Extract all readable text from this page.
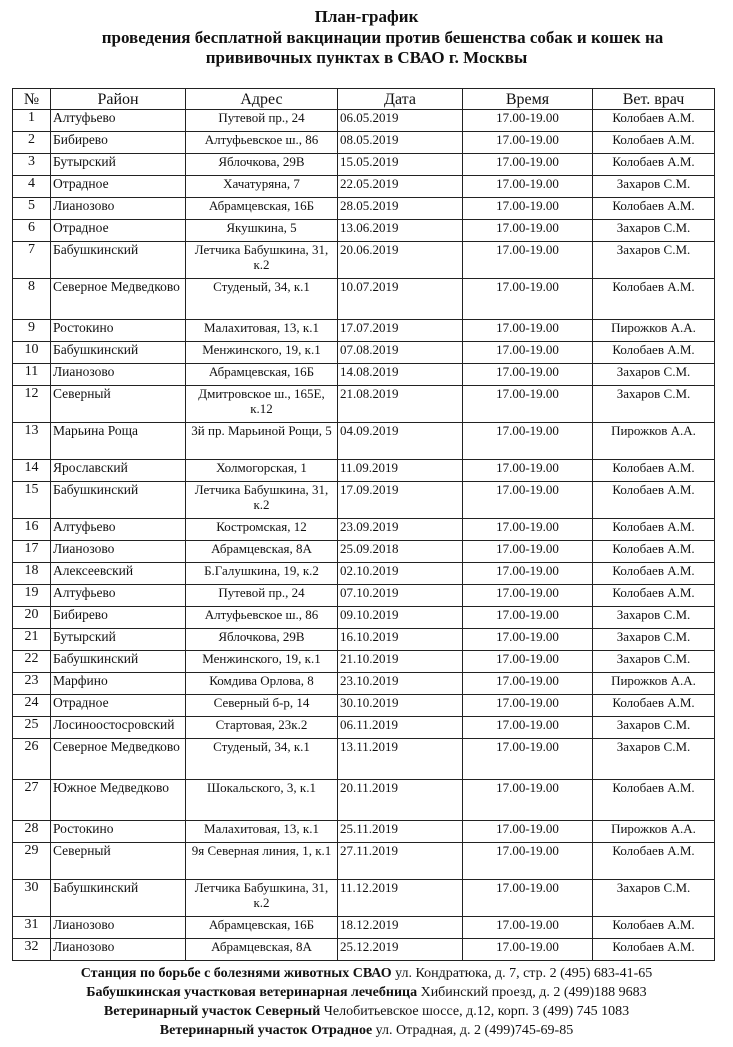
План-график
проведения бесплатной вакцинации против бешенства собак и кошек на
прививочных пунктах в СВАО г. Москвы
№	Район	Адрес	Дата	Время	Вет. врач
1	Алтуфьево	Путевой пр., 24	06.05.2019	17.00-19.00	Колобаев А.М.
2	Бибирево	Алтуфьевское ш., 86	08.05.2019	17.00-19.00	Колобаев А.М.
3	Бутырский	Яблочкова, 29В	15.05.2019	17.00-19.00	Колобаев А.М.
4	Отрадное	Хачатуряна, 7	22.05.2019	17.00-19.00	Захаров С.М.
5	Лианозово	Абрамцевская, 16Б	28.05.2019	17.00-19.00	Колобаев А.М.
6	Отрадное	Якушкина, 5	13.06.2019	17.00-19.00	Захаров С.М.
7	Бабушкинский	Летчика Бабушкина, 31, к.2	20.06.2019	17.00-19.00	Захаров С.М.
8	Северное Медведково	Студеный, 34, к.1	10.07.2019	17.00-19.00	Колобаев А.М.
9	Ростокино	Малахитовая, 13, к.1	17.07.2019	17.00-19.00	Пирожков А.А.
10	Бабушкинский	Менжинского, 19, к.1	07.08.2019	17.00-19.00	Колобаев А.М.
11	Лианозово	Абрамцевская, 16Б	14.08.2019	17.00-19.00	Захаров С.М.
12	Северный	Дмитровское ш., 165Е, к.12	21.08.2019	17.00-19.00	Захаров С.М.
13	Марьина Роща	3й пр. Марьиной Рощи, 5	04.09.2019	17.00-19.00	Пирожков А.А.
14	Ярославский	Холмогорская, 1	11.09.2019	17.00-19.00	Колобаев А.М.
15	Бабушкинский	Летчика Бабушкина, 31, к.2	17.09.2019	17.00-19.00	Колобаев А.М.
16	Алтуфьево	Костромская, 12	23.09.2019	17.00-19.00	Колобаев А.М.
17	Лианозово	Абрамцевская, 8А	25.09.2018	17.00-19.00	Колобаев А.М.
18	Алексеевский	Б.Галушкина, 19, к.2	02.10.2019	17.00-19.00	Колобаев А.М.
19	Алтуфьево	Путевой пр., 24	07.10.2019	17.00-19.00	Колобаев А.М.
20	Бибирево	Алтуфьевское ш., 86	09.10.2019	17.00-19.00	Захаров С.М.
21	Бутырский	Яблочкова, 29В	16.10.2019	17.00-19.00	Захаров С.М.
22	Бабушкинский	Менжинского, 19, к.1	21.10.2019	17.00-19.00	Захаров С.М.
23	Марфино	Комдива Орлова, 8	23.10.2019	17.00-19.00	Пирожков А.А.
24	Отрадное	Северный б-р, 14	30.10.2019	17.00-19.00	Колобаев А.М.
25	Лосиноостоcровский	Стартовая, 23к.2	06.11.2019	17.00-19.00	Захаров С.М.
26	Северное Медведково	Студеный, 34, к.1	13.11.2019	17.00-19.00	Захаров С.М.
27	Южное Медведково	Шокальского, 3, к.1	20.11.2019	17.00-19.00	Колобаев А.М.
28	Ростокино	Малахитовая, 13, к.1	25.11.2019	17.00-19.00	Пирожков А.А.
29	Северный	9я Северная линия, 1, к.1	27.11.2019	17.00-19.00	Колобаев А.М.
30	Бабушкинский	Летчика Бабушкина, 31, к.2	11.12.2019	17.00-19.00	Захаров С.М.
31	Лианозово	Абрамцевская, 16Б	18.12.2019	17.00-19.00	Колобаев А.М.
32	Лианозово	Абрамцевская, 8А	25.12.2019	17.00-19.00	Колобаев А.М.
Станция по борьбе с болезнями животных СВАО ул. Кондратюка, д. 7, стр. 2 (495) 683-41-65
Бабушкинская участковая ветеринарная лечебница Хибинский проезд, д. 2 (499)188 9683
Ветеринарный участок Северный Челобитьевское шоссе, д.12, корп. 3 (499) 745 1083
Ветеринарный участок Отрадное ул. Отрадная, д. 2 (499)745-69-85
